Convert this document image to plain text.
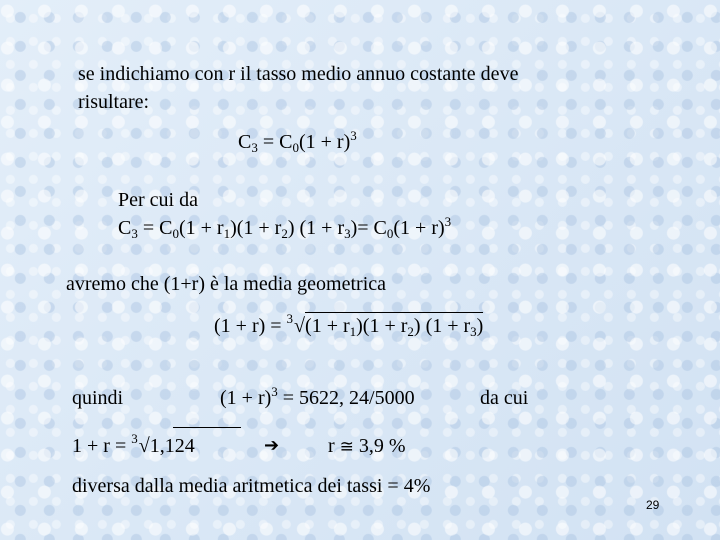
se indichiamo con r il tasso medio annuo costante deve
risultare:
$C_3 = C_0(1 + r)^3$
Per cui da
$C_3 = C_0(1 + r_1)(1 + r_2) (1 + r_3)= C_0(1 + r)^3$
avremo che (1+r) è la media geometrica
$(1 + r) = ^3√(1 + r_1)(1 + r_2)$ $(1 + r_3)$
quindi	$(1 + r)^3 = 5622$, 24/5000	da cui
1 + r = $^3$√1,124	➔ r ≅ 3,9 %
diversa dalla media aritmetica dei tassi = 4%
29
